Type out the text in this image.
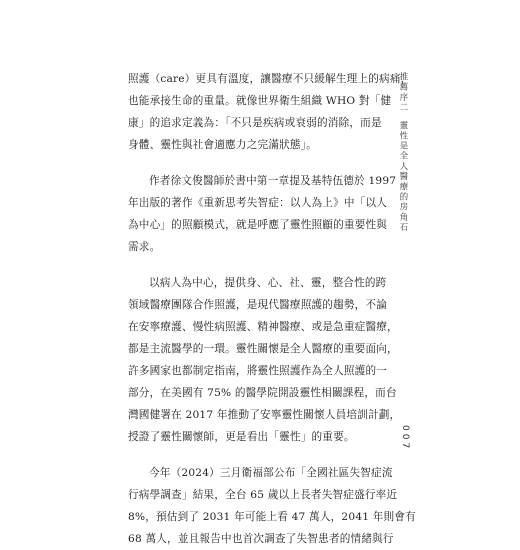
照護（care）更具有溫度，讓醫療不只緩解生理上的病痛，
也能承接生命的重量。就像世界衛生組織 WHO 對「健
康」的追求定義為：「不只是疾病或衰弱的消除，而是
身體、靈性與社會適應力之完滿狀態」。

作者徐文俊醫師於書中第一章提及基特伍德於 1997
年出版的著作《重新思考失智症：以人為上》中「以人
為中心」的照顧模式，就是呼應了靈性照顧的重要性與
需求。

以病人為中心，提供身、心、社、靈，整合性的跨
領域醫療團隊合作照護，是現代醫療照護的趨勢，不論
在安寧療護、慢性病照護、精神醫療、或是急重症醫療，
都是主流醫學的一環。靈性關懷是全人醫療的重要面向，
許多國家也都制定指南，將靈性照護作為全人照護的一
部分，在美國有 75% 的醫學院開設靈性相關課程，而台
灣國健署在 2017 年推動了安寧靈性關懷人員培訓計劃，
授證了靈性關懷師，更是看出「靈性」的重要。

今年（2024）三月衛福部公布「全國社區失智症流
行病學調查」結果，全台 65 歲以上長者失智症盛行率近
8%，預估到了 2031 年可能上看 47 萬人，2041 年則會有
68 萬人，並且報告中也首次調查了失智患者的情緒與行

推薦序二靈性是全人醫療的房角石
007
